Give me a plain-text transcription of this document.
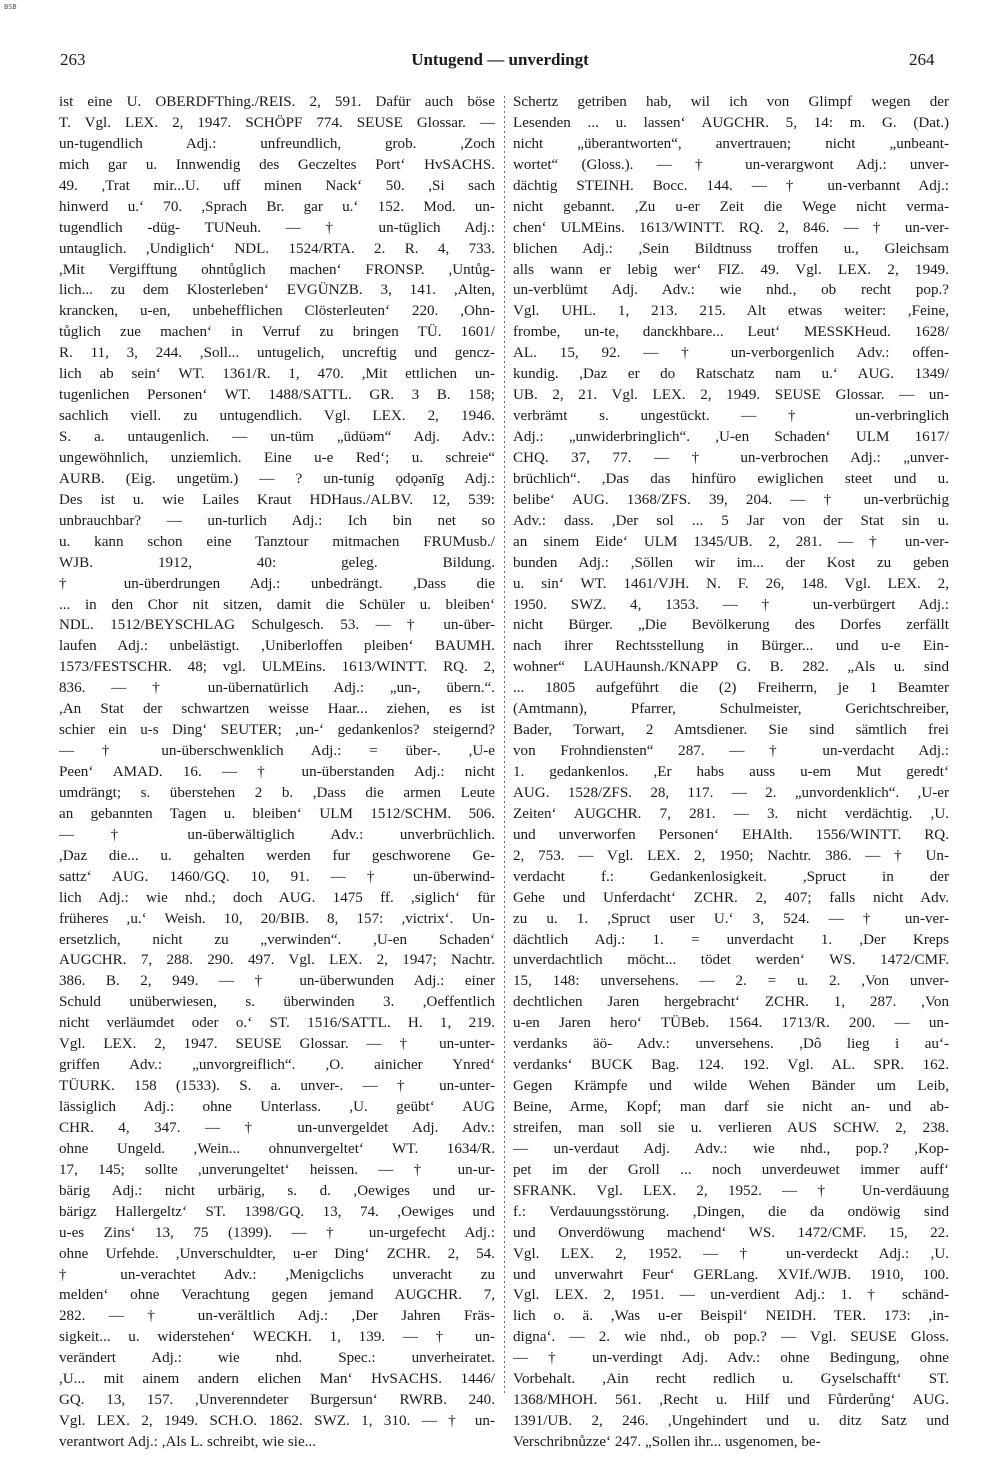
BSB
263	Untugend — unverdingt	264
ist eine U. OBERDFThing./REIS. 2, 591. Dafür auch böse
T. Vgl. LEX. 2, 1947. SCHÖPF 774. SEUSE Glossar. —
un-tugendlich Adj.: unfreundlich, grob. ,Zoch
mich gar u. Innwendig des Geczeltes Port‘ HvSACHS.
49. ,Trat mir...U. uff minen Nack‘ 50. ,Si sach
hinwerd u.‘ 70. ,Sprach Br. gar u.‘ 152. Mod. un-
tugendlich -düg- TUNeuh. — † un-tüglich Adj.:
untauglich. ,Undiglich‘ NDL. 1524/RTA. 2. R. 4, 733.
,Mit Vergifftung ohntůglich machen‘ FRONSP. ,Untůg-
lich... zu dem Klosterleben‘ EVGÜNZB. 3, 141. ,Alten,
krancken, u-en, unbehefflichen Clösterleuten‘ 220. ,Ohn-
tůglich zue machen‘ in Verruf zu bringen TÜ. 1601/
R. 11, 3, 244. ,Soll... untugelich, uncreftig und gencz-
lich ab sein‘ WT. 1361/R. 1, 470. ,Mit ettlichen un-
tugenlichen Personen‘ WT. 1488/SATTL. GR. 3 B. 158;
sachlich viell. zu untugendlich. Vgl. LEX. 2, 1946.
S. a. untaugenlich. — un-tüm „üdüəm“ Adj. Adv.:
ungewöhnlich, unziemlich. Eine u-e Red‘; u. schreie“
AURB. (Eig. ungetüm.) — ? un-tunig ǫdǫǝnīg Adj.:
Des ist u. wie Lailes Kraut HDHaus./ALBV. 12, 539:
unbrauchbar? — un-turlich Adj.: Ich bin net so
u. kann schon eine Tanztour mitmachen FRUMusb./
WJB. 1912, 40: geleg. Bildung.
† un-überdrungen Adj.: unbedrängt. ,Dass die
... in den Chor nit sitzen, damit die Schüler u. bleiben‘
NDL. 1512/BEYSCHLAG Schulgesch. 53. — † un-über-
laufen Adj.: unbelästigt. ,Uniberloffen pleiben‘ BAUMH.
1573/FESTSCHR. 48; vgl. ULMEins. 1613/WINTT. RQ. 2,
836. — † un-übernatürlich Adj.: „un-, übern.“.
,An Stat der schwartzen weisse Haar... ziehen, es ist
schier ein u-s Ding‘ SEUTER; ,un-‘ gedankenlos? steigernd?
— † un-überschwenklich Adj.: = über-. ,U-e
Peen‘ AMAD. 16. — † un-überstanden Adj.: nicht
umdrängt; s. überstehen 2 b. ,Dass die armen Leute
an gebannten Tagen u. bleiben‘ ULM 1512/SCHM. 506.
— † un-überwältiglich Adv.: unverbrüchlich.
,Daz die... u. gehalten werden fur geschworene Ge-
sattz‘ AUG. 1460/GQ. 10, 91. — † un-überwind-
lich Adj.: wie nhd.; doch AUG. 1475 ff. ,siglich‘ für
früheres ,u.‘ Weish. 10, 20/BIB. 8, 157: ,victrix‘. Un-
ersetzlich, nicht zu „verwinden“. ,U-en Schaden‘
AUGCHR. 7, 288. 290. 497. Vgl. LEX. 2, 1947; Nachtr.
386. B. 2, 949. — † un-überwunden Adj.: einer
Schuld unüberwiesen, s. überwinden 3. ,Oeffentlich
nicht verläumdet oder o.‘ ST. 1516/SATTL. H. 1, 219.
Vgl. LEX. 2, 1947. SEUSE Glossar. — † un-unter-
griffen Adv.: „unvorgreiflich“. ,O. ainicher Ynred‘
TÜURK. 158 (1533). S. a. unver-. — † un-unter-
lässiglich Adj.: ohne Unterlass. ,U. geübt‘ AUG
CHR. 4, 347. — † un-unvergeldet Adj. Adv.:
ohne Ungeld. ,Wein... ohnunvergeltet‘ WT. 1634/R.
17, 145; sollte ,unverungeltet‘ heissen. — † un-ur-
bärig Adj.: nicht urbärig, s. d. ,Oewiges und ur-
bärigz Hallergeltz‘ ST. 1398/GQ. 13, 74. ,Oewiges und
u-es Zins‘ 13, 75 (1399). — † un-urgefecht Adj.:
ohne Urfehde. ,Unverschuldter, u-er Ding‘ ZCHR. 2, 54.
† un-verachtet Adv.: ,Menigclichs unveracht zu
melden‘ ohne Verachtung gegen jemand AUGCHR. 7,
282. — † un-verältlich Adj.: ,Der Jahren Fräs-
sigkeit... u. widerstehen‘ WECKH. 1, 139. — † un-
verändert Adj.: wie nhd. Spec.: unverheiratet.
,U... mit ainem andern elichen Man‘ HvSACHS. 1446/
GQ. 13, 157. ,Unverenndeter Burgersun‘ RWRB. 240.
Vgl. LEX. 2, 1949. SCH.O. 1862. SWZ. 1, 310. — † un-
verantwort Adj.: ,Als L. schreibt, wie sie...
Schertz getriben hab, wil ich von Glimpf wegen der
Lesenden ... u. lassen‘ AUGCHR. 5, 14: m. G. (Dat.)
nicht „überantworten“, anvertrauen; nicht „unbeant-
wortet“ (Gloss.). — † un-verargwont Adj.: unver-
dächtig STEINH. Bocc. 144. — † un-verbannt Adj.:
nicht gebannt. ,Zu u-er Zeit die Wege nicht verma-
chen‘ ULMEins. 1613/WINTT. RQ. 2, 846. — † un-ver-
blichen Adj.: ,Sein Bildtnuss troffen u., Gleichsam
alls wann er lebig wer‘ FIZ. 49. Vgl. LEX. 2, 1949.
un-verblümt Adj. Adv.: wie nhd., ob recht pop.?
Vgl. UHL. 1, 213. 215. Alt etwas weiter: ,Feine,
frombe, un-te, danckhbare... Leut‘ MESSKHeud. 1628/
AL. 15, 92. — † un-verborgenlich Adv.: offen-
kundig. ,Daz er do Ratschatz nam u.‘ AUG. 1349/
UB. 2, 21. Vgl. LEX. 2, 1949. SEUSE Glossar. — un-
verbrämt s. ungestückt. — † un-verbringlich
Adj.: „unwiderbringlich“. ,U-en Schaden‘ ULM 1617/
CHQ. 37, 77. — † un-verbrochen Adj.: „unver-
brüchlich“. ,Das das hinfüro ewiglichen steet und u.
belibe‘ AUG. 1368/ZFS. 39, 204. — † un-verbrüchig
Adv.: dass. ,Der sol ... 5 Jar von der Stat sin u.
an sinem Eide‘ ULM 1345/UB. 2, 281. — † un-ver-
bunden Adj.: ,Söllen wir im... der Kost zu geben
u. sin‘ WT. 1461/VJH. N. F. 26, 148. Vgl. LEX. 2,
1950. SWZ. 4, 1353. — † un-verbürgert Adj.:
nicht Bürger. „Die Bevölkerung des Dorfes zerfällt
nach ihrer Rechtsstellung in Bürger... und u-e Ein-
wohner“ LAUHaunsh./KNAPP G. B. 282. „Als u. sind
... 1805 aufgeführt die (2) Freiherrn, je 1 Beamter
(Amtmann), Pfarrer, Schulmeister, Gerichtschreiber,
Bader, Torwart, 2 Amtsdiener. Sie sind sämtlich frei
von Frohndiensten“ 287. — † un-verdacht Adj.:
1. gedankenlos. ,Er habs auss u-em Mut geredt‘
AUG. 1528/ZFS. 28, 117. — 2. „unvordenklich“. ,U-er
Zeiten‘ AUGCHR. 7, 281. — 3. nicht verdächtig. ,U.
und unverworfen Personen‘ EHAlth. 1556/WINTT. RQ.
2, 753. — Vgl. LEX. 2, 1950; Nachtr. 386. — † Un-
verdacht f.: Gedankenlosigkeit. ,Spruct in der
Gehe und Unferdacht‘ ZCHR. 2, 407; falls nicht Adv.
zu u. 1. ,Spruct user U.‘ 3, 524. — † un-ver-
dächtlich Adj.: 1. = unverdacht 1. ,Der Kreps
unverdachtlich möcht... tödet werden‘ WS. 1472/CMF.
15, 148: unversehens. — 2. = u. 2. ,Von unver-
dechtlichen Jaren hergebracht‘ ZCHR. 1, 287. ,Von
u-en Jaren hero‘ TÜBeb. 1564. 1713/R. 200. — un-
verdanks äö- Adv.: unversehens. ,Dô lieg i au‘-
verdanks‘ BUCK Bag. 124. 192. Vgl. AL. SPR. 162.
Gegen Krämpfe und wilde Wehen Bänder um Leib,
Beine, Arme, Kopf; man darf sie nicht an- und ab-
streifen, man soll sie u. verlieren AUS SCHW. 2, 238.
— un-verdaut Adj. Adv.: wie nhd., pop.? ,Kop-
pet im der Groll ... noch unverdeuwet immer auff‘
SFRANK. Vgl. LEX. 2, 1952. — † Un-verdäuung
f.: Verdauungsstörung. ,Dingen, die da ondöwig sind
und Onverdöwung machend‘ WS. 1472/CMF. 15, 22.
Vgl. LEX. 2, 1952. — † un-verdeckt Adj.: ,U.
und unverwahrt Feur‘ GERLang. XVIf./WJB. 1910, 100.
Vgl. LEX. 2, 1951. — un-verdient Adj.: 1. † schänd-
lich o. ä. ,Was u-er Beispil‘ NEIDH. TER. 173: ,in-
digna‘. — 2. wie nhd., ob pop.? — Vgl. SEUSE Gloss.
— † un-verdingt Adj. Adv.: ohne Bedingung, ohne
Vorbehalt. ,Ain recht redlich u. Gyselschafft‘ ST.
1368/MHOH. 561. ,Recht u. Hilf und Fůrderůng‘ AUG.
1391/UB. 2, 246. ,Ungehindert und u. ditz Satz und
Verschribnůzze‘ 247. „Sollen ihr... usgenomen, be-
